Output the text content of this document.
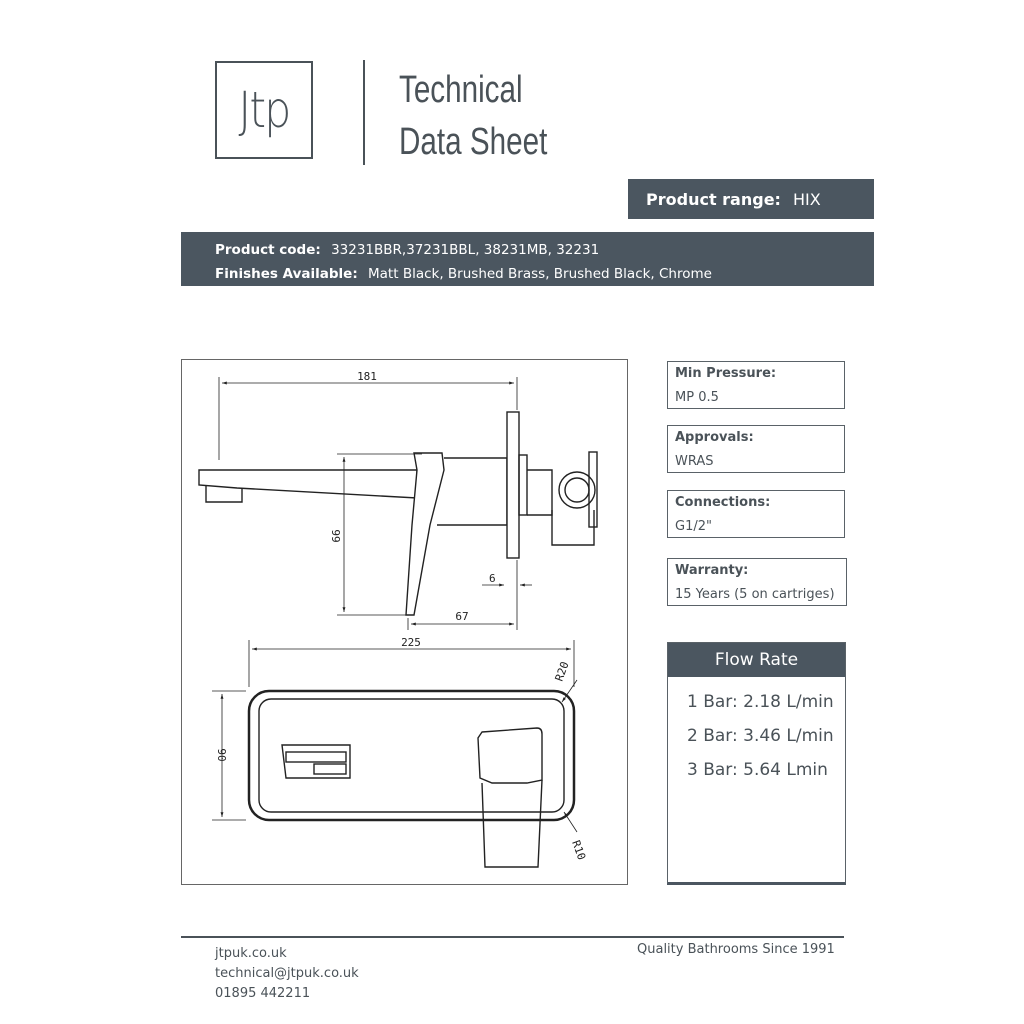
Jtp	Technical
Data Sheet
Product range: HIX
Product code: 33231BBR,37231BBL, 38231MB, 32231
Finishes Available: Matt Black, Brushed Brass, Brushed Black, Chrome
181
99
6
67
225
90
R20
R10
Min Pressure:
MP 0.5
Approvals:
WRAS
Connections:
G1/2"
Warranty:
15 Years (5 on cartriges)
Flow Rate
1 Bar: 2.18 L/min
2 Bar: 3.46 L/min
3 Bar: 5.64 Lmin
jtpuk.co.uk
technical@jtpuk.co.uk
01895 442211
Quality Bathrooms Since 1991
